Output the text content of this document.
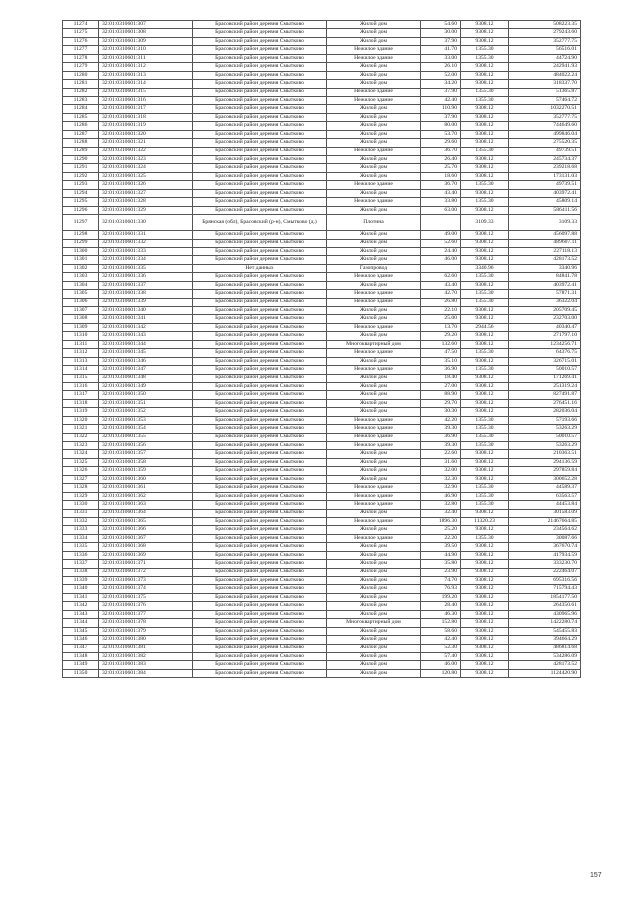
11274	32:01:0310601:307	Брасовский район деревня Смытково	Жилой дом	54.60	9308.12	508223.35
11275	32:01:0310601:308	Брасовский район деревня Смытково	Жилой дом	30.00	9308.12	279243.60
11276	32:01:0310601:309	Брасовский район деревня Смытково	Жилой дом	37.90	9308.12	352777.75
11277	32:01:0310601:310	Брасовский район деревня Смытково	Нежилое здание	41.70	1355.30	56516.01
11278	32:01:0310601:311	Брасовский район деревня Смытково	Нежилое здание	33.00	1355.30	44724.90
11279	32:01:0310601:312	Брасовский район деревня Смытково	Жилой дом	26.10	9308.12	242941.93
11280	32:01:0310601:313	Брасовский район деревня Смытково	Жилой дом	52.00	9308.12	484022.24
11281	32:01:0310601:314	Брасовский район деревня Смытково	Жилой дом	34.20	9308.12	318337.70
11282	32:01:0310601:315	Брасовский район деревня Смытково	Нежилое здание	37.90	1355.30	51365.87
11283	32:01:0310601:316	Брасовский район деревня Смытково	Нежилое здание	42.40	1355.30	57464.72
11284	32:01:0310601:317	Брасовский район деревня Смытково	Жилой дом	110.90	9308.12	1032270.51
11285	32:01:0310601:318	Брасовский район деревня Смытково	Жилой дом	37.90	9308.12	352777.75
11286	32:01:0310601:319	Брасовский район деревня Смытково	Жилой дом	80.00	9308.12	744649.60
11287	32:01:0310601:320	Брасовский район деревня Смытково	Жилой дом	53.70	9308.12	499846.04
11288	32:01:0310601:321	Брасовский район деревня Смытково	Жилой дом	29.60	9308.12	275520.35
11289	32:01:0310601:322	Брасовский район деревня Смытково	Нежилое здание	36.70	1355.30	49739.51
11290	32:01:0310601:323	Брасовский район деревня Смытково	Жилой дом	26.40	9308.12	245734.37
11291	32:01:0310601:324	Брасовский район деревня Смытково	Жилой дом	25.70	9308.12	239218.68
11292	32:01:0310601:325	Брасовский район деревня Смытково	Жилой дом	18.60	9308.12	173131.03
11293	32:01:0310601:326	Брасовский район деревня Смытково	Нежилое здание	36.70	1355.30	49739.51
11294	32:01:0310601:327	Брасовский район деревня Смытково	Жилой дом	43.40	9308.12	403972.41
11295	32:01:0310601:328	Брасовский район деревня Смытково	Нежилое здание	33.80	1355.30	45809.14
11296	32:01:0310601:329	Брасовский район деревня Смытково	Жилой дом	63.00	9308.12	586411.56
11297	32:01:0310601:330	Брянская (обл), Брасовский (р-н), Смытково (д.)	Плотина		3109.33	3109.33
11298	32:01:0310601:331	Брасовский район деревня Смытково	Жилой дом	49.00	9308.12	456097.88
11299	32:01:0310601:332	Брасовский район деревня Смытково	Жилой дом	52.60	9308.12	489607.11
11300	32:01:0310601:333	Брасовский район деревня Смытково	Жилой дом	24.40	9308.12	227118.13
11301	32:01:0310601:334	Брасовский район деревня Смытково	Жилой дом	46.00	9308.12	428173.52
11302	32:01:0310601:335	Нет данных	Газопровод		3340.96	3340.96
11303	32:01:0310601:336	Брасовский район деревня Смытково	Нежилое здание	62.60	1355.30	84841.78
11304	32:01:0310601:337	Брасовский район деревня Смытково	Жилой дом	43.40	9308.12	403972.41
11305	32:01:0310601:338	Брасовский район деревня Смытково	Нежилое здание	42.70	1355.30	57871.31
11306	32:01:0310601:339	Брасовский район деревня Смытково	Нежилое здание	26.80	1355.30	36322.04
11307	32:01:0310601:340	Брасовский район деревня Смытково	Жилой дом	22.10	9308.12	205709.45
11308	32:01:0310601:341	Брасовский район деревня Смытково	Жилой дом	25.00	9308.12	232703.00
11309	32:01:0310601:342	Брасовский район деревня Смытково	Нежилое здание	13.70	2944.56	40340.47
11310	32:01:0310601:343	Брасовский район деревня Смытково	Жилой дом	29.20	9308.12	271797.10
11311	32:01:0310601:344	Брасовский район деревня Смытково	Многоквартирный дом	132.60	9308.12	1234256.71
11312	32:01:0310601:345	Брасовский район деревня Смытково	Нежилое здание	47.50	1355.30	64376.75
11313	32:01:0310601:346	Брасовский район деревня Смытково	Жилой дом	35.10	9308.12	326715.01
11314	32:01:0310601:347	Брасовский район деревня Смытково	Нежилое здание	36.90	1355.30	50010.57
11315	32:01:0310601:348	Брасовский район деревня Смытково	Жилой дом	18.40	9308.12	171269.41
11316	32:01:0310601:349	Брасовский район деревня Смытково	Жилой дом	27.00	9308.12	251319.24
11317	32:01:0310601:350	Брасовский район деревня Смытково	Жилой дом	88.90	9308.12	827491.87
11318	32:01:0310601:351	Брасовский район деревня Смытково	Жилой дом	29.70	9308.12	276451.16
11319	32:01:0310601:352	Брасовский район деревня Смытково	Жилой дом	30.30	9308.12	282036.04
11320	32:01:0310601:353	Брасовский район деревня Смытково	Нежилое здание	42.20	1355.30	57193.66
11321	32:01:0310601:354	Брасовский район деревня Смытково	Нежилое здание	39.30	1355.30	53263.29
11322	32:01:0310601:355	Брасовский район деревня Смытково	Нежилое здание	36.90	1355.30	50010.57
11323	32:01:0310601:356	Брасовский район деревня Смытково	Нежилое здание	39.30	1355.30	53263.29
11324	32:01:0310601:357	Брасовский район деревня Смытково	Жилой дом	22.60	9308.12	210363.51
11325	32:01:0310601:358	Брасовский район деревня Смытково	Жилой дом	31.60	9308.12	294136.59
11326	32:01:0310601:359	Брасовский район деревня Смытково	Жилой дом	32.00	9308.12	297859.84
11327	32:01:0310601:360	Брасовский район деревня Смытково	Жилой дом	32.30	9308.12	300652.28
11328	32:01:0310601:361	Брасовский район деревня Смытково	Нежилое здание	32.90	1355.30	44589.37
11329	32:01:0310601:362	Брасовский район деревня Смытково	Нежилое здание	46.90	1355.30	63563.57
11330	32:01:0310601:363	Брасовский район деревня Смытково	Нежилое здание	32.80	1355.30	44453.84
11331	32:01:0310601:364	Брасовский район деревня Смытково	Жилой дом	32.40	9308.12	301583.09
11332	32:01:0310601:365	Брасовский район деревня Смытково	Нежилое здание	1896.30	11320.23	21467664.85
11333	32:01:0310601:366	Брасовский район деревня Смытково	Жилой дом	25.20	9308.12	234564.62
11334	32:01:0310601:367	Брасовский район деревня Смытково	Нежилое здание	22.20	1355.30	30087.66
11335	32:01:0310601:368	Брасовский район деревня Смытково	Жилой дом	39.50	9308.12	367670.74
11336	32:01:0310601:369	Брасовский район деревня Смытково	Жилой дом	44.90	9308.12	417934.59
11337	32:01:0310601:371	Брасовский район деревня Смытково	Жилой дом	35.80	9308.12	333230.70
11338	32:01:0310601:372	Брасовский район деревня Смытково	Жилой дом	23.90	9308.12	222464.07
11339	32:01:0310601:373	Брасовский район деревня Смытково	Жилой дом	74.70	9308.12	695316.56
11340	32:01:0310601:374	Брасовский район деревня Смытково	Жилой дом	76.93	9308.12	715794.43
11341	32:01:0310601:375	Брасовский район деревня Смытково	Жилой дом	199.20	9308.12	1854177.50
11342	32:01:0310601:376	Брасовский район деревня Смытково	Жилой дом	28.40	9308.12	264350.61
11343	32:01:0310601:377	Брасовский район деревня Смытково	Жилой дом	46.30	9308.12	430965.96
11344	32:01:0310601:378	Брасовский район деревня Смытково	Многоквартирный дом	152.80	9308.12	1422280.74
11345	32:01:0310601:379	Брасовский район деревня Смытково	Жилой дом	58.60	9308.12	545455.83
11346	32:01:0310601:380	Брасовский район деревня Смытково	Жилой дом	42.40	9308.12	394664.29
11347	32:01:0310601:381	Брасовский район деревня Смытково	Жилой дом	52.30	9308.12	486814.68
11348	32:01:0310601:382	Брасовский район деревня Смытково	Жилой дом	57.40	9308.12	534286.09
11349	32:01:0310601:383	Брасовский район деревня Смытково	Жилой дом	46.00	9308.12	428173.52
11350	32:01:0310601:384	Брасовский район деревня Смытково	Жилой дом	120.80	9308.12	1124420.90
157
